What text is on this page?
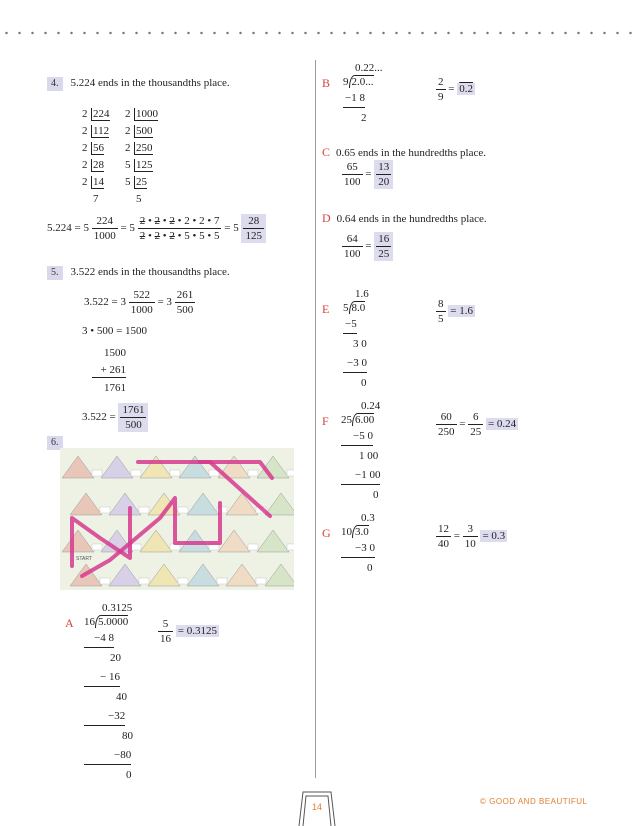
4. 5.224 ends in the thousandths place.
2 224
2 112
2 56
2 28
2 14
7
2 1000
2 500
2 250
5 125
5 25
5
$5.224 = 5 \frac{224}{1000} = 5 \frac{2 • 2 • 2 • 2 • 2 • 7}{2 • 2 • 2 • 5 • 5 • 5} = 5 \frac{28}{125}$
5. 3.522 ends in the thousandths place.
$3.522 = 3 \frac{522}{1000} = 3 \frac{261}{500}$
3 • 500 = 1500
1500
+ 261
1761
$3.522 = \frac{1761}{500}$
6.
START
A
0.3125
16 5.0000
−4 8
20
− 16
40
−32
80
−80
0
$\frac{5}{16} = 0.3125$
B
0.22...
9 2.0...
−1 8
2
$\frac{2}{9} = 0.2$
C 0.65 ends in the hundredths place.
$\frac{65}{100} = \frac{13}{20}$
D 0.64 ends in the hundredths place.
$\frac{64}{100} = \frac{16}{25}$
E
1.6
5 8.0
−5
3 0
−3 0
0
$\frac{8}{5} = 1.6$
F
0.24
25 6.00
−5 0
1 00
−1 00
0
$\frac{60}{250} = \frac{6}{25} = 0.24$
G
0.3
10 3.0
−3 0
0
$\frac{12}{40} = \frac{3}{10} = 0.3$
14
© GOOD AND BEAUTIFUL
